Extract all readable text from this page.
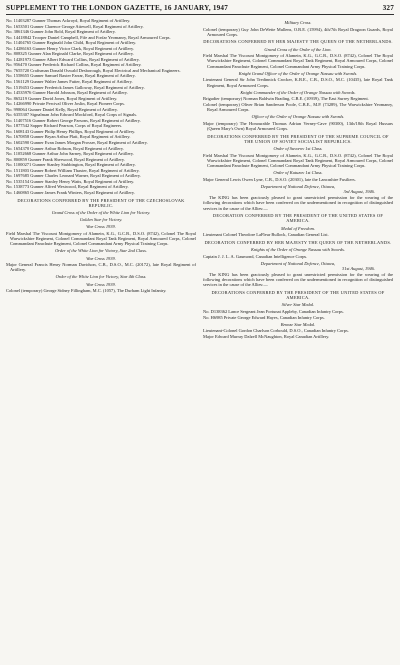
SUPPLEMENT TO THE LONDON GAZETTE, 16 JANUARY, 1947	327
No. 11403287 Gunner Thomas Ackroyd, Royal Regiment of Artillery.
No. 1653501 Gunner Clarence George Attewell, Royal Regiment of Artillery.
No. 3861346 Gunner John Bold, Royal Regiment of Artillery.
No. 14418842 Trooper Daniel Campbell, Fife and Forfar Yeomanry, Royal Armoured Corps.
No. 11404765 Gunner Reginald John Child, Royal Regiment of Artillery.
No. 14286163 Gunner Henry Victor Clark, Royal Regiment of Artillery.
No. 808325 Gunner Alan Reginald Clarke, Royal Regiment of Artillery.
No. 14281973 Gunner Albert Edward Collins, Royal Regiment of Artillery.
No. 956470 Gunner Frederick Richard Collins, Royal Regiment of Artillery.
No. 7655720 Craftsman Donald Oswald Desborough, Royal Electrical and Mechanical Engineers.
No. 1558655 Gunner Samuel Baxter Farrar, Royal Regiment of Artillery.
No. 1561129 Gunner Walter James Futter, Royal Regiment of Artillery.
No. 1519453 Gunner Frederick James Galloway, Royal Regiment of Artillery.
No. 14535976 Gunner Harold Johnson, Royal Regiment of Artillery.
No. 865219 Gunner David Jones, Royal Regiment of Artillery.
No. 14266990 Private Percival Oliver Joslin, Royal Pioneer Corps.
No. 998064 Gunner Daniel Kelly, Royal Regiment of Artillery.
No. 6355307 Signalman John Edward Mockford, Royal Corps of Signals.
No. 11407516 Gunner Robert George Parsons, Royal Regiment of Artillery.
No. 1877542 Sapper Richard Pearson, Corps of Royal Engineers.
No. 1608143 Gunner Philip Henry Phillips, Royal Regiment of Artillery.
No. 1670858 Gunner Bryan Arthur Platt, Royal Regiment of Artillery.
No. 1602590 Gunner Evan James Morgan Prosser, Royal Regiment of Artillery.
No. 1654370 Gunner Arthur Robson, Royal Regiment of Artillery.
No. 11052668 Gunner Arthur John Sarney, Royal Regiment of Artillery.
No. 800859 Gunner Frank Sherwood, Royal Regiment of Artillery.
No. 11000271 Gunner Stanley Stubbington, Royal Regiment of Artillery.
No. 1511803 Gunner Robert William Thaxter, Royal Regiment of Artillery.
No. 1697685 Gunner Charles Leonard Warner, Royal Regiment of Artillery.
No. 1535154 Gunner Stanley Henry Watts, Royal Regiment of Artillery.
No. 1538773 Gunner Alfred Westwood, Royal Regiment of Artillery.
No. 1460865 Gunner James Frank Winters, Royal Regiment of Artillery.
DECORATIONS CONFERRED BY THE PRESIDENT OF THE CZECHOSLOVAK REPUBLIC.
Grand Cross of the Order of the White Lion for Victory.
Golden Star for Victory.
War Cross 1939.
Field Marshal The Viscount Montgomery of Alamein, K.G., G.C.B., D.S.O. (8742), Colonel The Royal Warwickshire Regiment, Colonel Commandant Royal Tank Regiment, Royal Armoured Corps, Colonel Commandant Parachute Regiment, Colonel Commandant Army Physical Training Corps.
Order of the White Lion for Victory, Star 2nd Class.
War Cross 1939.
Major General Francis Henry Norman Davidson, C.B., D.S.O., M.C. (20172), late Royal Regiment of Artillery.
Order of the White Lion for Victory, Star 4th Class.
War Cross 1939.
Colonel (temporary) George Sidney Fillingham, M.C. (1057), The Durham Light Infantry.
Military Cross.
Colonel (temporary) Guy John DeWette Mullens, O.B.E. (15994), 4th/7th Royal Dragoon Guards, Royal Armoured Corps.
DECORATIONS CONFERRED BY HER MAJESTY THE QUEEN OF THE NETHERLANDS.
Grand Cross of the Order of the Lion.
Field Marshal The Viscount Montgomery of Alamein, K.G., G.C.B., D.S.O. (8742), Colonel The Royal Warwickshire Regiment, Colonel Commandant Royal Tank Regiment, Royal Armoured Corps, Colonel Commandant Parachute Regiment, Colonel Commandant Army Physical Training Corps.
Knight Grand Officer of the Order of Orange Nassau with Swords.
Lieutenant General Sir John Tredinnick Crocker, K.B.E., C.B., D.S.O., M.C. (10435), late Royal Tank Regiment, Royal Armoured Corps.
Knight Commander of the Order of Orange Nassau with Swords.
Brigadier (temporary) Norman Baldwin Brading, C.B.E. (10939), The East Surrey Regiment.
Colonel (temporary) Oliver Brian Sanderson Poole, C.B.E., M.P. (73289), The Warwickshire Yeomanry, Royal Armoured Corps.
Officer of the Order of Orange Nassau with Swords.
Major (temporary) The Honourable Thomas Adrian Verney-Cave (90300), 13th/18th Royal Hussars (Queen Mary's Own) Royal Armoured Corps.
DECORATIONS CONFERRED BY THE PRESIDENT OF THE SUPREME COUNCIL OF THE UNION OF SOVIET SOCIALIST REPUBLICS.
Order of Suvorov 1st Class.
Field Marshal The Viscount Montgomery of Alamein, K.G., G.C.B., D.S.O. (8742), Colonel The Royal Warwickshire Regiment, Colonel Commandant Royal Tank Regiment, Royal Armoured Corps, Colonel Commandant Parachute Regiment, Colonel Commandant Army Physical Training Corps.
Order of Kutuzov 1st Class.
Major General Lewis Owen Lyne, C.B., D.S.O. (20301), late the Lancashire Fusiliers.
Department of National Defence, Ottawa,
3rd August, 1946.
The KING has been graciously pleased to grant unrestricted permission for the wearing of the following decorations which have been conferred on the undermentioned in recognition of distinguished services in the cause of the Allies:—
DECORATION CONFERRED BY THE PRESIDENT OF THE UNITED STATES OF AMERICA.
Medal of Freedom.
Lieutenant Colonel Theodore LaFleur Bullock, Canadian General List.
DECORATION CONFERRED BY HER MAJESTY THE QUEEN OF THE NETHERLANDS.
Knights of the Order of Orange Nassau with Swords.
Captain J. J. L. A. Gaumond, Canadian Intelligence Corps.
Department of National Defence, Ottawa,
31st August, 1946.
The KING has been graciously pleased to grant unrestricted permission for the wearing of the following decorations which have been conferred on the undermentioned in recognition of distinguished services in the cause of the Allies:—
DECORATIONS CONFERRED BY THE PRESIDENT OF THE UNITED STATES OF AMERICA.
Silver Star Medal.
No. D138362 Lance Sergeant Jean Fortunat Appleby, Canadian Infantry Corps.
No. H6985 Private George Edward Hayes, Canadian Infantry Corps.
Bronze Star Medal.
Lieutenant-Colonel Gordon Charlson Corbould, D.S.O., Canadian Infantry Corps.
Major Edward Murray Dalzell McNaughton, Royal Canadian Artillery.
